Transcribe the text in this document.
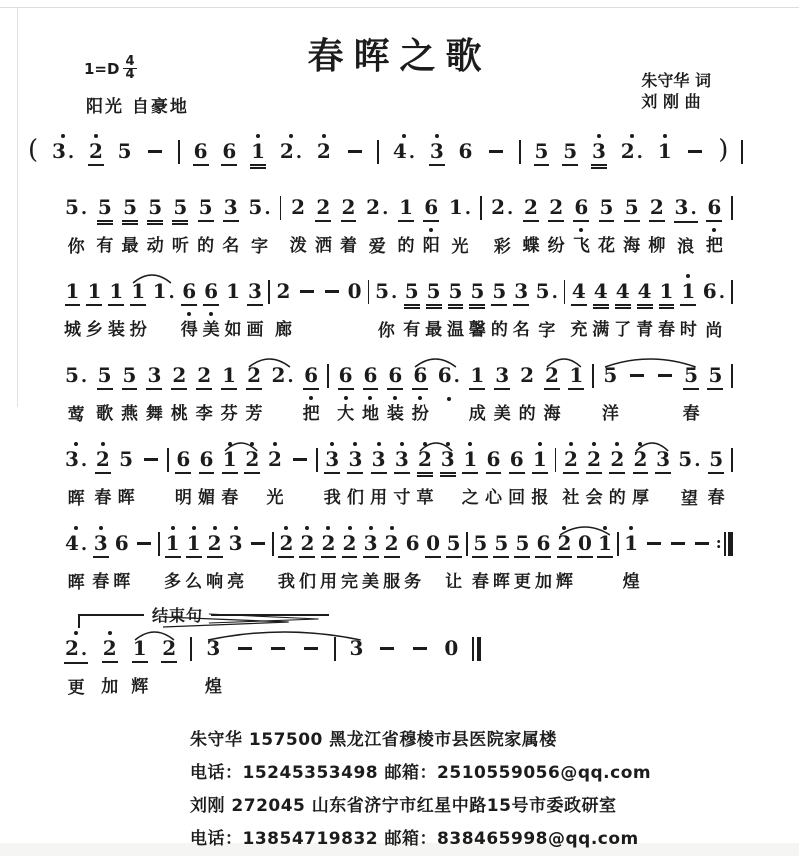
春晖之歌
1=D 4
4
阳光 自豪地
朱守华 词
刘 刚 曲
( 3 . 2 5	6 6 1 2 . 2	4 . 3 6	5 5 3 2 . 1 )
5 .
你
5
有
5
最
5
动
5
听
5
的
3
名
5 .
字
2
泼
2
洒
2
着
2 .
爱
1
的
6
阳
1 .
光
2 .
彩
2
蝶
2
纷
6
飞
5
花
5
海
2
柳
3 .
浪
6
把
1
城
1
乡
1
装
1
扮
1 . 6
得
6
美
1
如
3
画
2
廊
0 5 .
你
5
有
5
最
5
温
5
馨
5
的
3
名
5 .
字
4
充
4
满
4
了
4
青
1
春
1
时
6 .
尚
5 .
莺
5
歌
5
燕
3
舞
2
桃
2
李
1
芬
2
芳
2 . 6
把
6
大
6
地
6
装
6
扮
6 . 1
成
3
美
2
的
2
海
1 5
洋
5
春
5
3 .
晖
2
春
5
晖
6
明
6
媚
1
春
2 2
光
3
我
3
们
3
用
3
寸
2
草
3 1
之
6
心
6
回
1
报
2
社
2
会
2
的
2
厚
3 5 .
望
5
春
4 .
晖
3
春
6
晖
1
多
1
么
2
响
3
亮
2
我
2
们
2
用
2
完
3
美
2
服
6
务
0 5
让
5
春
5
晖
5
更
6
加
2
辉
0 1 1
煌
:
结束句
2 .
更
2
加
1
辉
2 3
煌
3	0
朱守华 157500 黑龙江省穆棱市县医院家属楼
电话：15245353498 邮箱：2510559056@qq.com
刘刚 272045 山东省济宁市红星中路15号市委政研室
电话：13854719832 邮箱：838465998@qq.com
